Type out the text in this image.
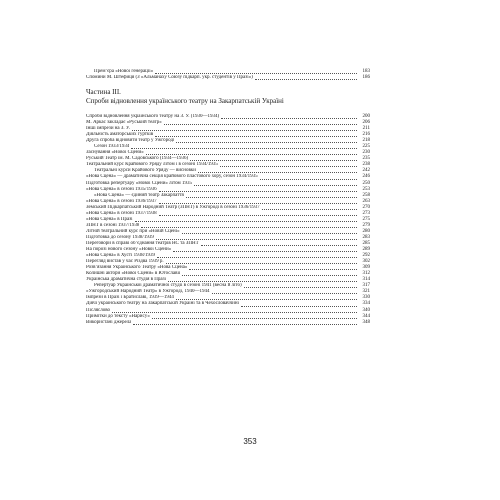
Прем’єра «Нової генерації»	183
Спомини М. Штефиця (З «Альманаху Союзу підкарп. укр. студентів у Празі»)	186
Частина III.
Спроби відновлення українського театру на Закарпатській Україні
Спроби відновлення українського театру на З. У. (1930—1934)	200
М. Аркас закладає «Руський театр»	206
Інші імпрези на З. У.	211
Діяльність аматорських гуртків	216
Друга спроба відновити театр у Ужгороді	218
Сезон 1933/1934	225
Заснування «Нової Сцени»	230
Руський Театр ім. М. Садовського (1934—1936)	235
Театральний курс Крайового Уряду літом і в сезоні 1934/1935	238
Театральні курси Крайового Уряду — висновки	242
«Нова Сцена» — драматична секція крайового пластового хору, сезон 1934/1935	246
Підготовка репертуару «Нової Сцени» літом 1935	250
«Нова Сцена» в сезоні 1935/1936	253
«Нова Сцена» — єдиний театр Закарпаття	258
«Нова Сцена» в сезоні 1936/1937	263
Земський Підкарпатський Народний Театр (ЗПНТ) в Ужгороді в сезоні 1936/1937	270
«Нова Сцена» в сезоні 1937/1938	273
«Нова Сцена» в Празі	275
ЗПНТ в сезоні 1937/1938	279
Літній театральний курс при «Новій Сцені»	280
Підготовка до сезону 1938/1939	283
Переговори в справі об’єднання театрів НС та ЗПНТ	285
На порозі нового сезону «Нової Сцени»	289
«Нова Сцена» в Хусті 1938/1939	292
Перегляд вистав у час Різдва 1939 р.	302
Розв’язання Українського Театру «Нова Сцена»	309
Колишні актори «Нової Сцени» в Югославії	312
Українська драматична студія в Празі	314
Репертуар Української драматичної студії в сезоні 1941 (весна й літо)	317
«Ужгородський Народний Театр» в Ужгороді, 1940—1944	321
Імпрези в Празі і Братиславі, 1939—1944	330
Діячі українського театру на Закарпатській Україні та в Чехословаччині	334
Післяслово	340
Примітки до тексту «Нариcу»	344
Використані джерела	348
353
